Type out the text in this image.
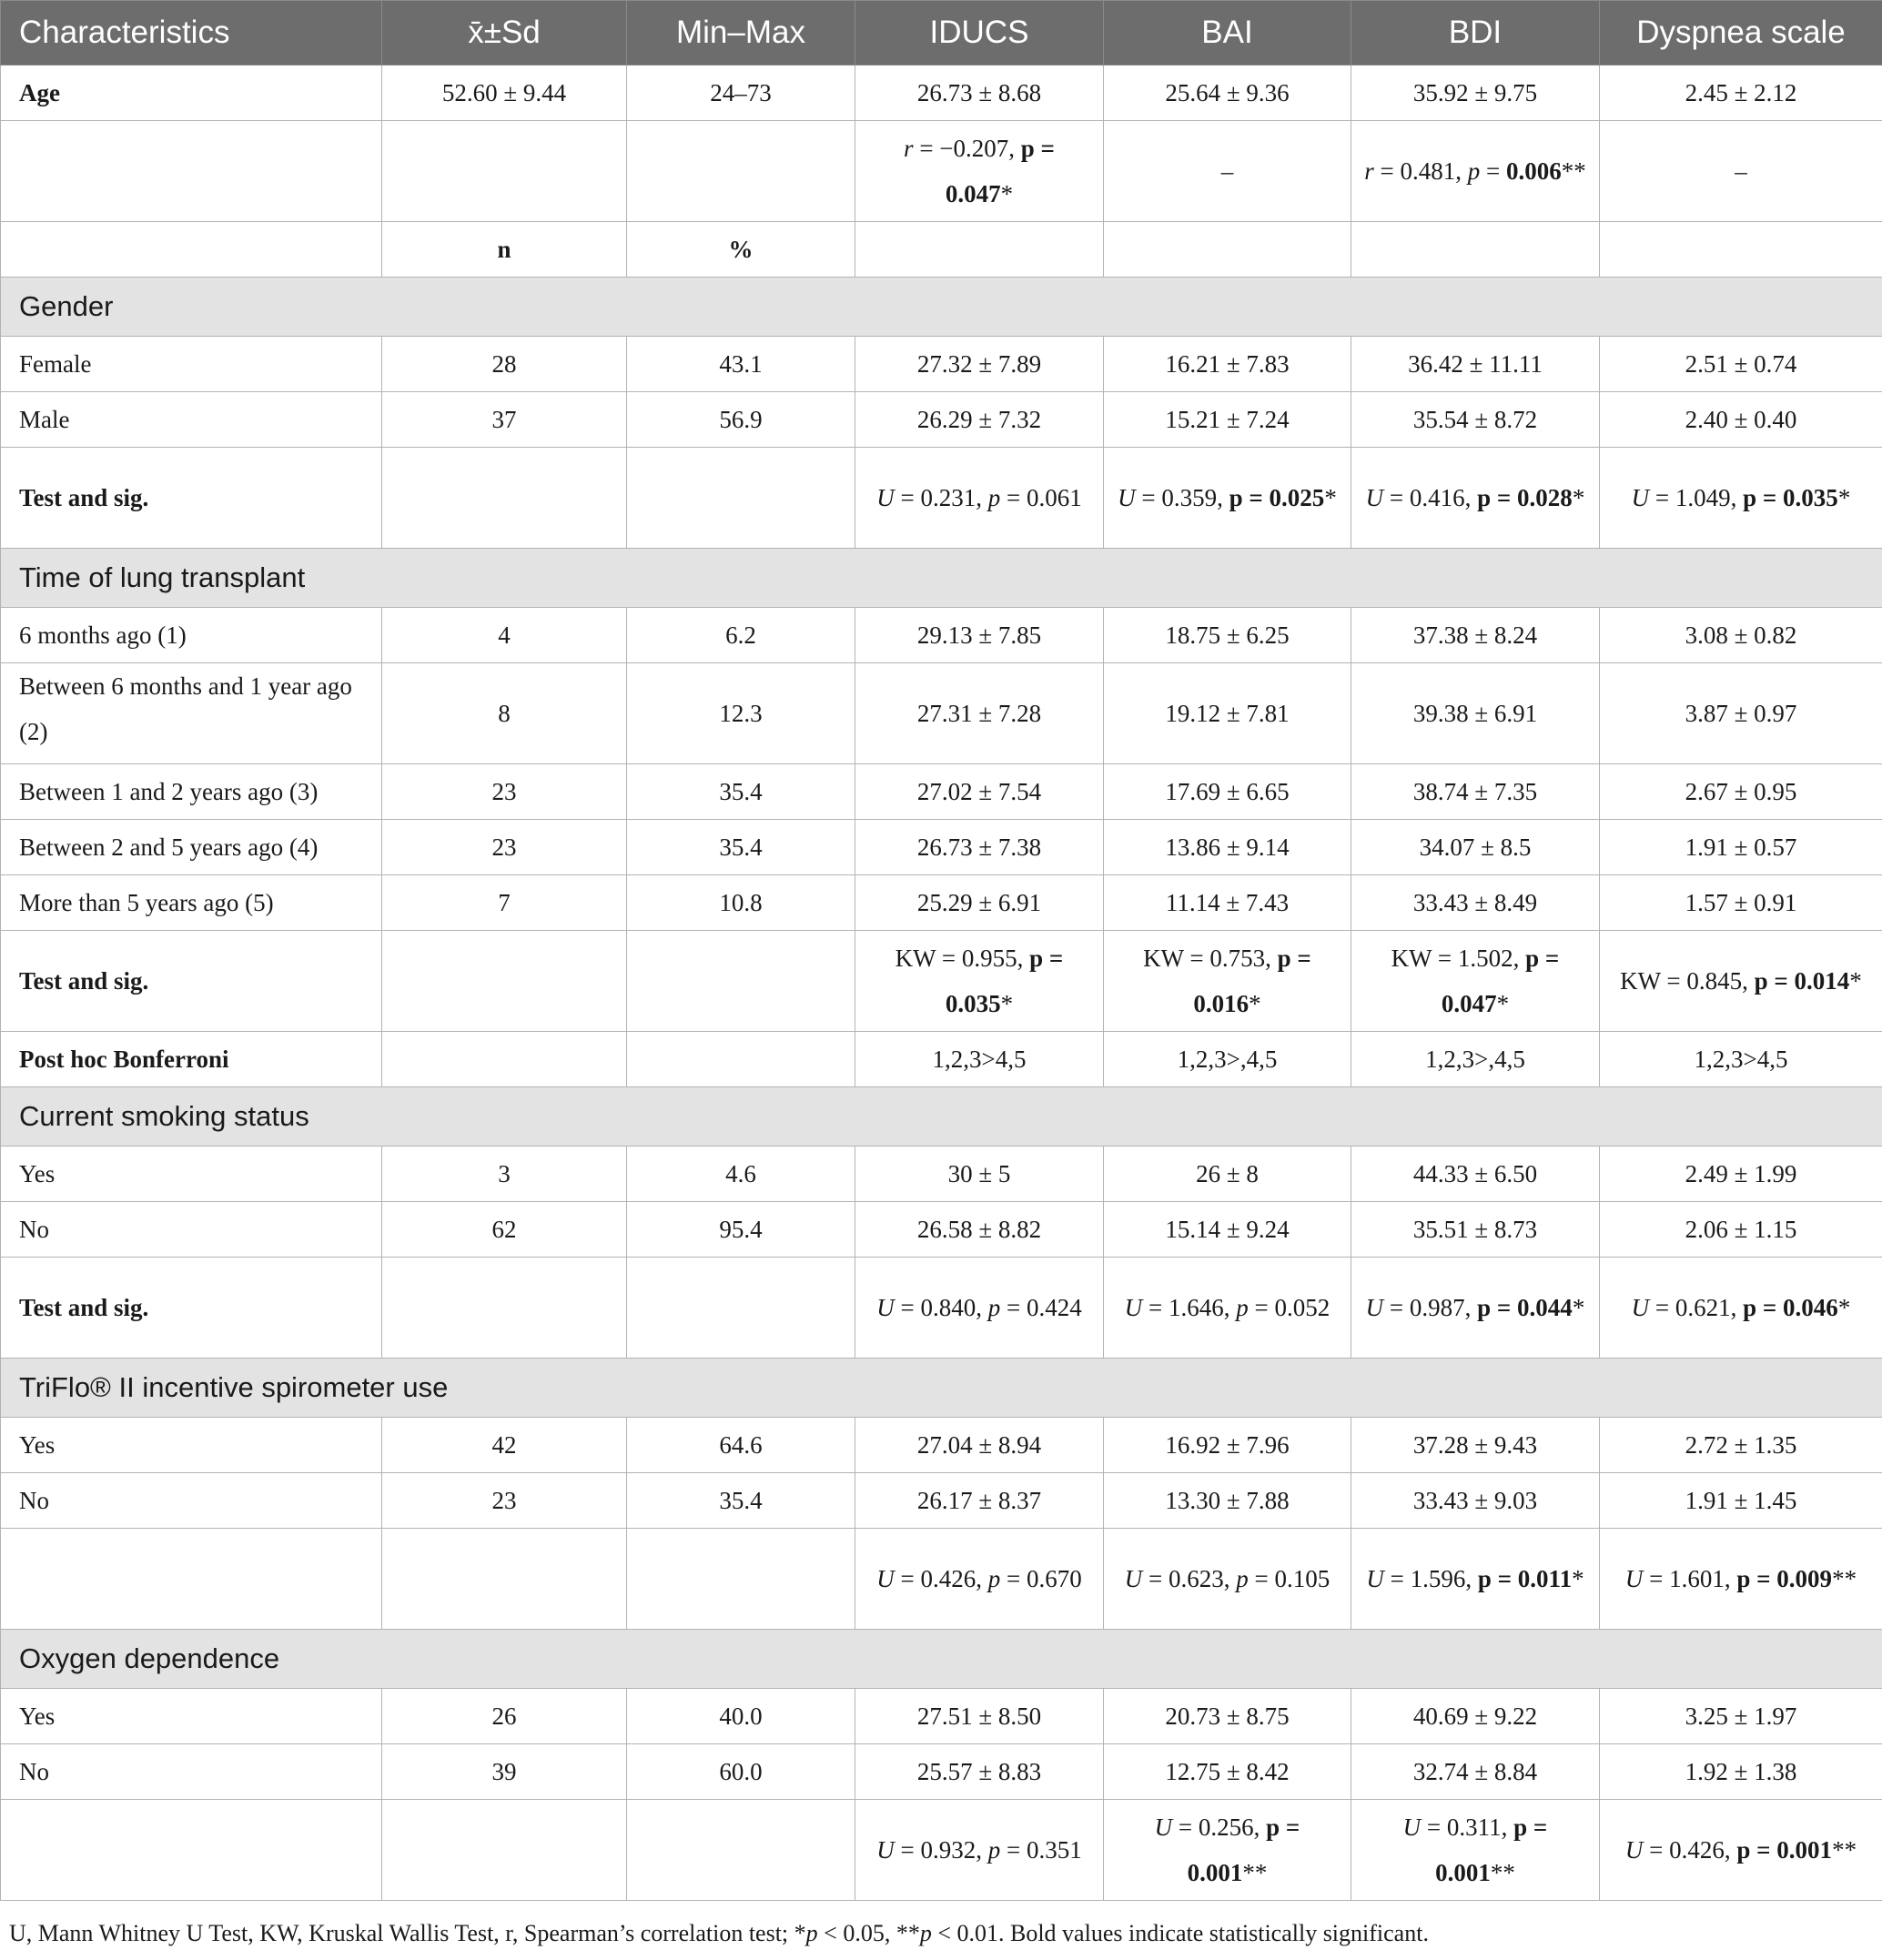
Characteristics	x̄±Sd	Min–Max	IDUCS	BAI	BDI	Dyspnea scale
Age	52.60 ± 9.44	24–73	26.73 ± 8.68	25.64 ± 9.36	35.92 ± 9.75	2.45 ± 2.12
			r = −0.207, p = 0.047*	–	r = 0.481, p = 0.006**	–
	n	%				
Gender						
Female	28	43.1	27.32 ± 7.89	16.21 ± 7.83	36.42 ± 11.11	2.51 ± 0.74
Male	37	56.9	26.29 ± 7.32	15.21 ± 7.24	35.54 ± 8.72	2.40 ± 0.40
Test and sig.			U = 0.231, p = 0.061	U = 0.359, p = 0.025*	U = 0.416, p = 0.028*	U = 1.049, p = 0.035*
Time of lung transplant						
6 months ago (1)	4	6.2	29.13 ± 7.85	18.75 ± 6.25	37.38 ± 8.24	3.08 ± 0.82
Between 6 months and 1 year ago (2)	8	12.3	27.31 ± 7.28	19.12 ± 7.81	39.38 ± 6.91	3.87 ± 0.97
Between 1 and 2 years ago (3)	23	35.4	27.02 ± 7.54	17.69 ± 6.65	38.74 ± 7.35	2.67 ± 0.95
Between 2 and 5 years ago (4)	23	35.4	26.73 ± 7.38	13.86 ± 9.14	34.07 ± 8.5	1.91 ± 0.57
More than 5 years ago (5)	7	10.8	25.29 ± 6.91	11.14 ± 7.43	33.43 ± 8.49	1.57 ± 0.91
Test and sig.			KW = 0.955, p = 0.035*	KW = 0.753, p = 0.016*	KW = 1.502, p = 0.047*	KW = 0.845, p = 0.014*
Post hoc Bonferroni			1,2,3>4,5	1,2,3>,4,5	1,2,3>,4,5	1,2,3>4,5
Current smoking status						
Yes	3	4.6	30 ± 5	26 ± 8	44.33 ± 6.50	2.49 ± 1.99
No	62	95.4	26.58 ± 8.82	15.14 ± 9.24	35.51 ± 8.73	2.06 ± 1.15
Test and sig.			U = 0.840, p = 0.424	U = 1.646, p = 0.052	U = 0.987, p = 0.044*	U = 0.621, p = 0.046*
TriFlo® II incentive spirometer use						
Yes	42	64.6	27.04 ± 8.94	16.92 ± 7.96	37.28 ± 9.43	2.72 ± 1.35
No	23	35.4	26.17 ± 8.37	13.30 ± 7.88	33.43 ± 9.03	1.91 ± 1.45
			U = 0.426, p = 0.670	U = 0.623, p = 0.105	U = 1.596, p = 0.011*	U = 1.601, p = 0.009**
Oxygen dependence						
Yes	26	40.0	27.51 ± 8.50	20.73 ± 8.75	40.69 ± 9.22	3.25 ± 1.97
No	39	60.0	25.57 ± 8.83	12.75 ± 8.42	32.74 ± 8.84	1.92 ± 1.38
			U = 0.932, p = 0.351	U = 0.256, p = 0.001**	U = 0.311, p = 0.001**	U = 0.426, p = 0.001**
U, Mann Whitney U Test, KW, Kruskal Wallis Test, r, Spearman’s correlation test; *p < 0.05, **p < 0.01. Bold values indicate statistically significant.
